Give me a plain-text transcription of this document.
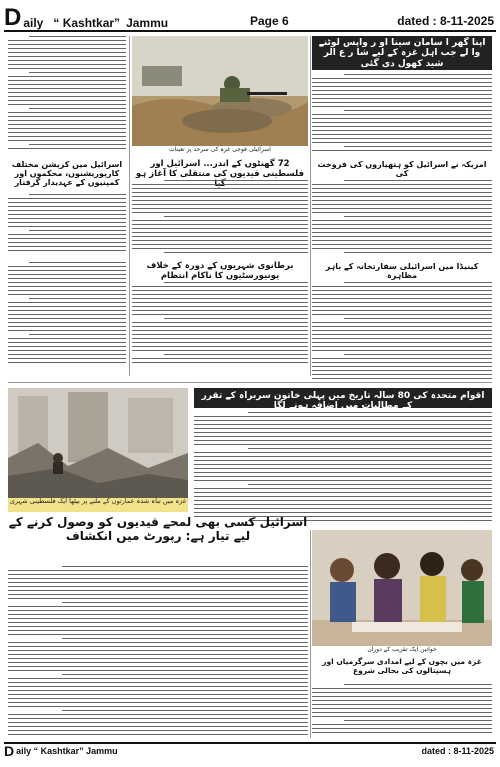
D aily “ Kashtkar” Jammu	Page 6	dated : 8-11-2025
اسرائیلی فوجی غزہ کی سرحد پر تعینات
اپنا گھر ا سامان سینا او ر واپس لوٹنے وا لے جب اہل غزہ کے لیے شا ر ع الر شید کھول دی گئی
72 گھنٹوں کے اندر... اسرائیل اور فلسطینی قیدیوں کی منتقلی کا آغاز ہو
اسرائیل میں کرپشن مختلف کارپوریشنوں، محکموں اور کمپنیوں کے عہدیدار گرفتار
امریکہ نے اسرائیل کو ہتھیاروں کی فروخت کی
برطانوی شہریوں کے دورہ کے خلاف یونیورسٹیوں کا ناکام انتظام
کینیڈا میں اسرائیلی سفارتخانہ کے باہر مظاہرہ
غزہ میں تباہ شدہ عمارتوں کے ملبے پر بیٹھا ایک فلسطینی شہری
اقوام متحدہ کی 80 سالہ تاریخ میں پہلی خاتون سربراہ کے تقرر کے مطالبات میں اضافہ ہونے لگا
اسرائیل کسی بھی لمحے قیدیوں کو وصول کرنے کے لیے تیار ہے: رپورٹ میں انکشاف
خواتین ایک تقریب کے دوران
غزہ میں بچوں کے لیے امدادی سرگرمیاں اور ہسپتالوں کی بحالی شروع
D aily “ Kashtkar” Jammu	dated : 8-11-2025
